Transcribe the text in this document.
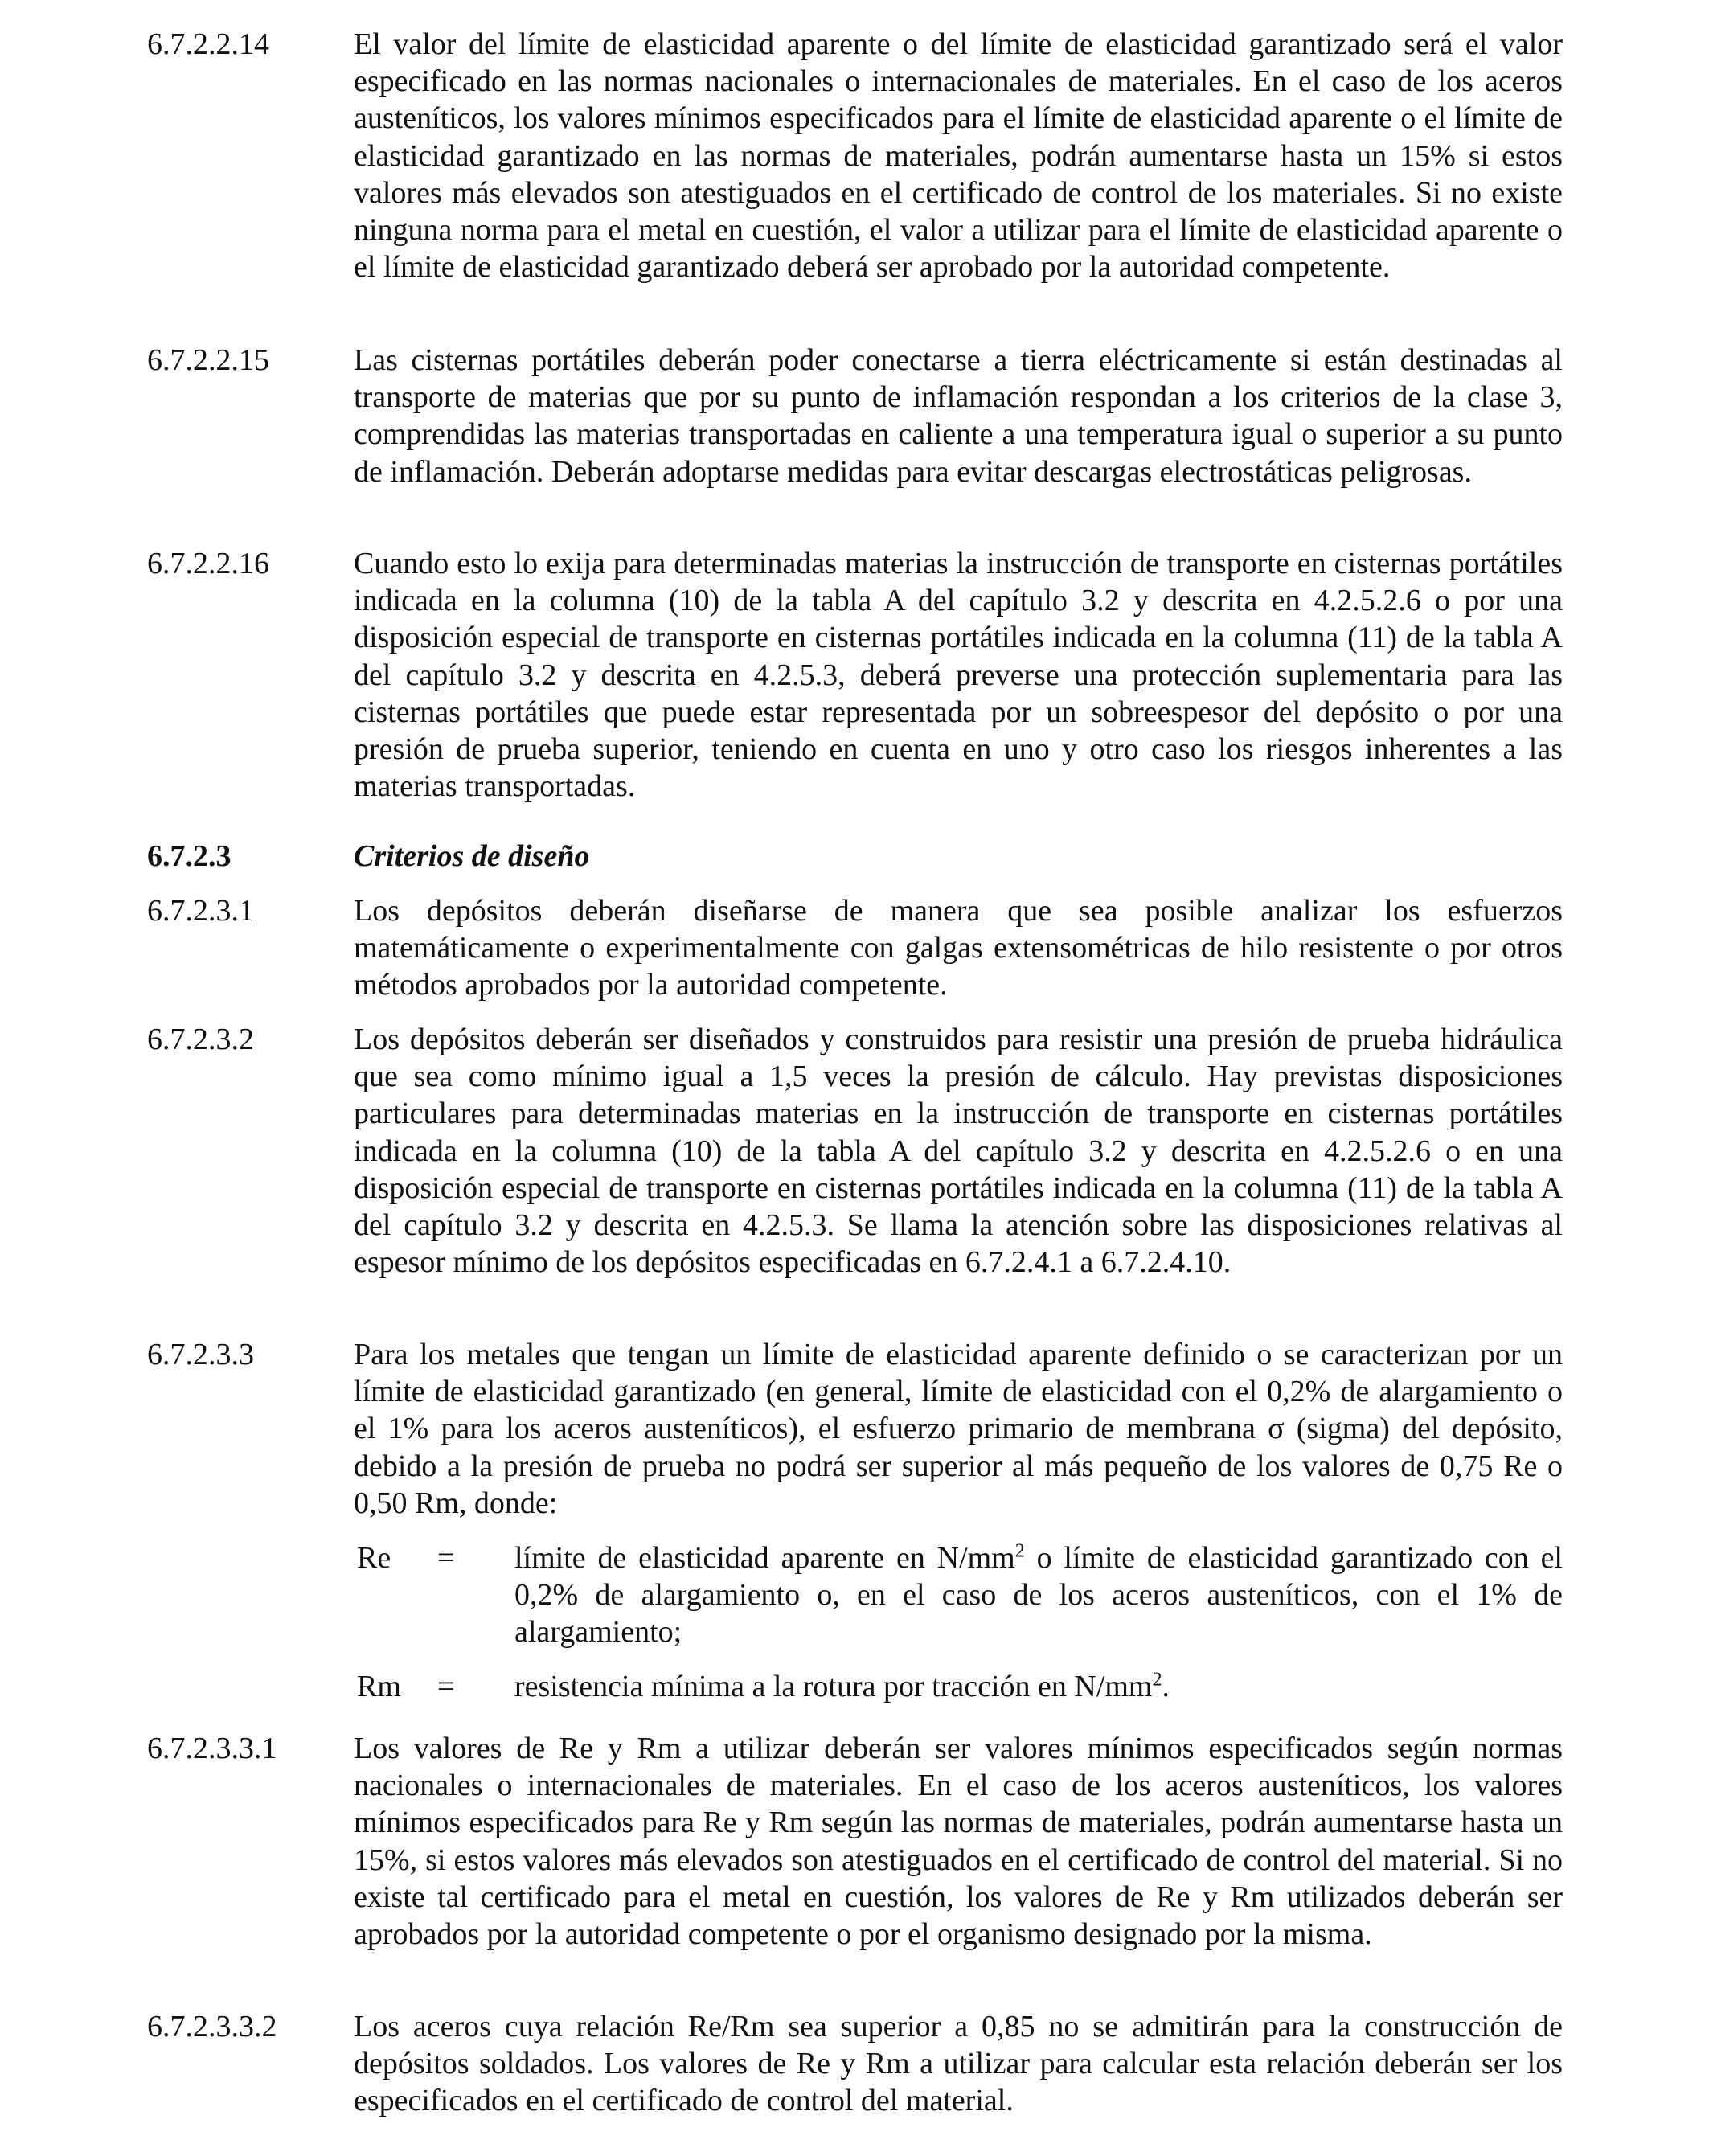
6.7.2.2.14	El valor del límite de elasticidad aparente o del límite de elasticidad garantizado será el valor especificado en las normas nacionales o internacionales de materiales. En el caso de los aceros austeníticos, los valores mínimos especificados para el límite de elasticidad aparente o el límite de elasticidad garantizado en las normas de materiales, podrán aumentarse hasta un 15% si estos valores más elevados son atestiguados en el certificado de control de los materiales. Si no existe ninguna norma para el metal en cuestión, el valor a utilizar para el límite de elasticidad aparente o el límite de elasticidad garantizado deberá ser aprobado por la autoridad competente.

6.7.2.2.15	Las cisternas portátiles deberán poder conectarse a tierra eléctricamente si están destinadas al transporte de materias que por su punto de inflamación respondan a los criterios de la clase 3, comprendidas las materias transportadas en caliente a una temperatura igual o superior a su punto de inflamación. Deberán adoptarse medidas para evitar descargas electrostáticas peligrosas.

6.7.2.2.16	Cuando esto lo exija para determinadas materias la instrucción de transporte en cisternas portátiles indicada en la columna (10) de la tabla A del capítulo 3.2 y descrita en 4.2.5.2.6 o por una disposición especial de transporte en cisternas portátiles indicada en la columna (11) de la tabla A del capítulo 3.2 y descrita en 4.2.5.3, deberá preverse una protección suplementaria para las cisternas portátiles que puede estar representada por un sobreespesor del depósito o por una presión de prueba superior, teniendo en cuenta en uno y otro caso los riesgos inherentes a las materias transportadas.

6.7.2.3	Criterios de diseño

6.7.2.3.1	Los depósitos deberán diseñarse de manera que sea posible analizar los esfuerzos matemáticamente o experimentalmente con galgas extensométricas de hilo resistente o por otros métodos aprobados por la autoridad competente.

6.7.2.3.2	Los depósitos deberán ser diseñados y construidos para resistir una presión de prueba hidráulica que sea como mínimo igual a 1,5 veces la presión de cálculo. Hay previstas disposiciones particulares para determinadas materias en la instrucción de transporte en cisternas portátiles indicada en la columna (10) de la tabla A del capítulo 3.2 y descrita en 4.2.5.2.6 o en una disposición especial de transporte en cisternas portátiles indicada en la columna (11) de la tabla A del capítulo 3.2 y descrita en 4.2.5.3. Se llama la atención sobre las disposiciones relativas al espesor mínimo de los depósitos especificadas en 6.7.2.4.1 a 6.7.2.4.10.

6.7.2.3.3	Para los metales que tengan un límite de elasticidad aparente definido o se caracterizan por un límite de elasticidad garantizado (en general, límite de elasticidad con el 0,2% de alargamiento o el 1% para los aceros austeníticos), el esfuerzo primario de membrana σ (sigma) del depósito, debido a la presión de prueba no podrá ser superior al más pequeño de los valores de 0,75 Re o 0,50 Rm, donde:

Re = límite de elasticidad aparente en $N/mm^2$ o límite de elasticidad garantizado con el 0,2% de alargamiento o, en el caso de los aceros austeníticos, con el 1% de alargamiento;

Rm = resistencia mínima a la rotura por tracción en $N/mm^2$.

6.7.2.3.3.1	Los valores de Re y Rm a utilizar deberán ser valores mínimos especificados según normas nacionales o internacionales de materiales. En el caso de los aceros austeníticos, los valores mínimos especificados para Re y Rm según las normas de materiales, podrán aumentarse hasta un 15%, si estos valores más elevados son atestiguados en el certificado de control del material. Si no existe tal certificado para el metal en cuestión, los valores de Re y Rm utilizados deberán ser aprobados por la autoridad competente o por el organismo designado por la misma.

6.7.2.3.3.2	Los aceros cuya relación Re/Rm sea superior a 0,85 no se admitirán para la construcción de depósitos soldados. Los valores de Re y Rm a utilizar para calcular esta relación deberán ser los especificados en el certificado de control del material.
